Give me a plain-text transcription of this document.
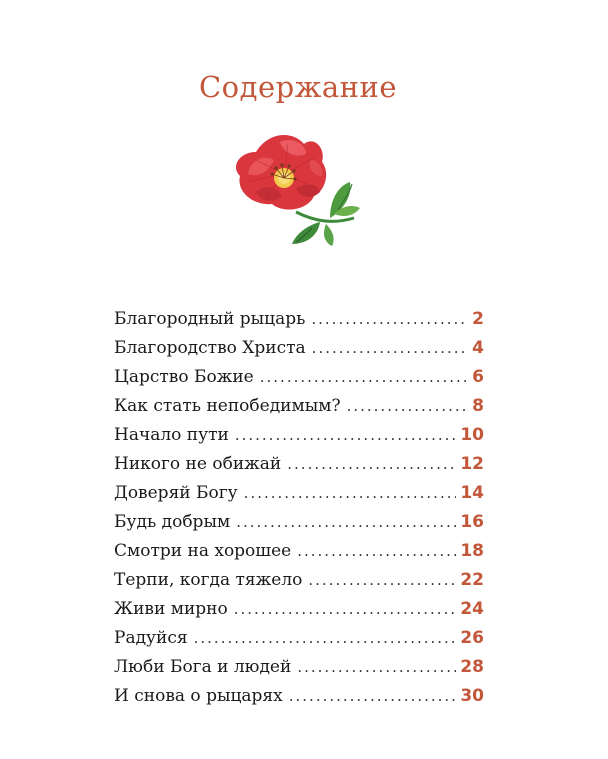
Содержание
Благородный рыцарь .....	2
Благородство Христа .....	4
Царство Божие .....	6
Как стать непобедимым? .....	8
Начало пути .....	10
Никого не обижай .....	12
Доверяй Богу .....	14
Будь добрым .....	16
Смотри на хорошее .....	18
Терпи, когда тяжело .....	22
Живи мирно .....	24
Радуйся .....	26
Люби Бога и людей .....	28
И снова о рыцарях .....	30
